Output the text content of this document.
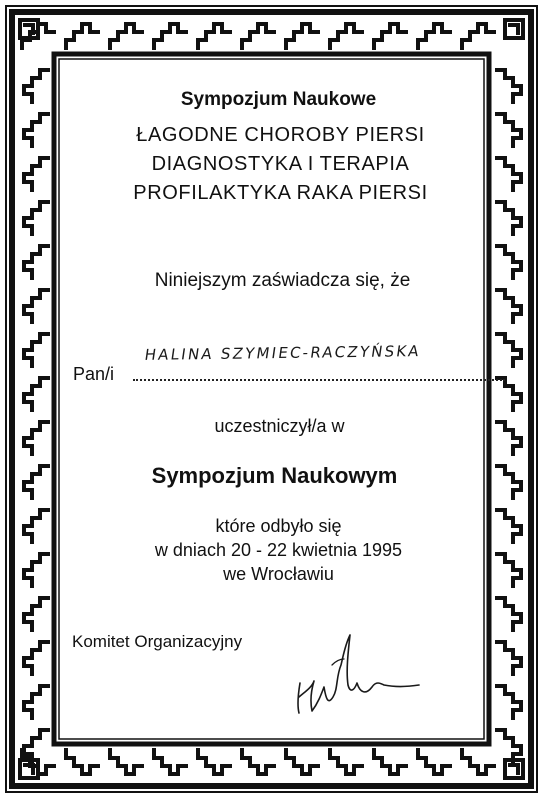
Sympozjum Naukowe
ŁAGODNE CHOROBY PIERSI
DIAGNOSTYKA I TERAPIA
PROFILAKTYKA RAKA PIERSI
Niniejszym zaświadcza się, że
Pan/i
HALINA SZYMIEC-RACZYŃSKA
uczestniczył/a w
Sympozjum Naukowym
które odbyło się
w dniach 20 - 22 kwietnia 1995
we Wrocławiu
Komitet Organizacyjny
